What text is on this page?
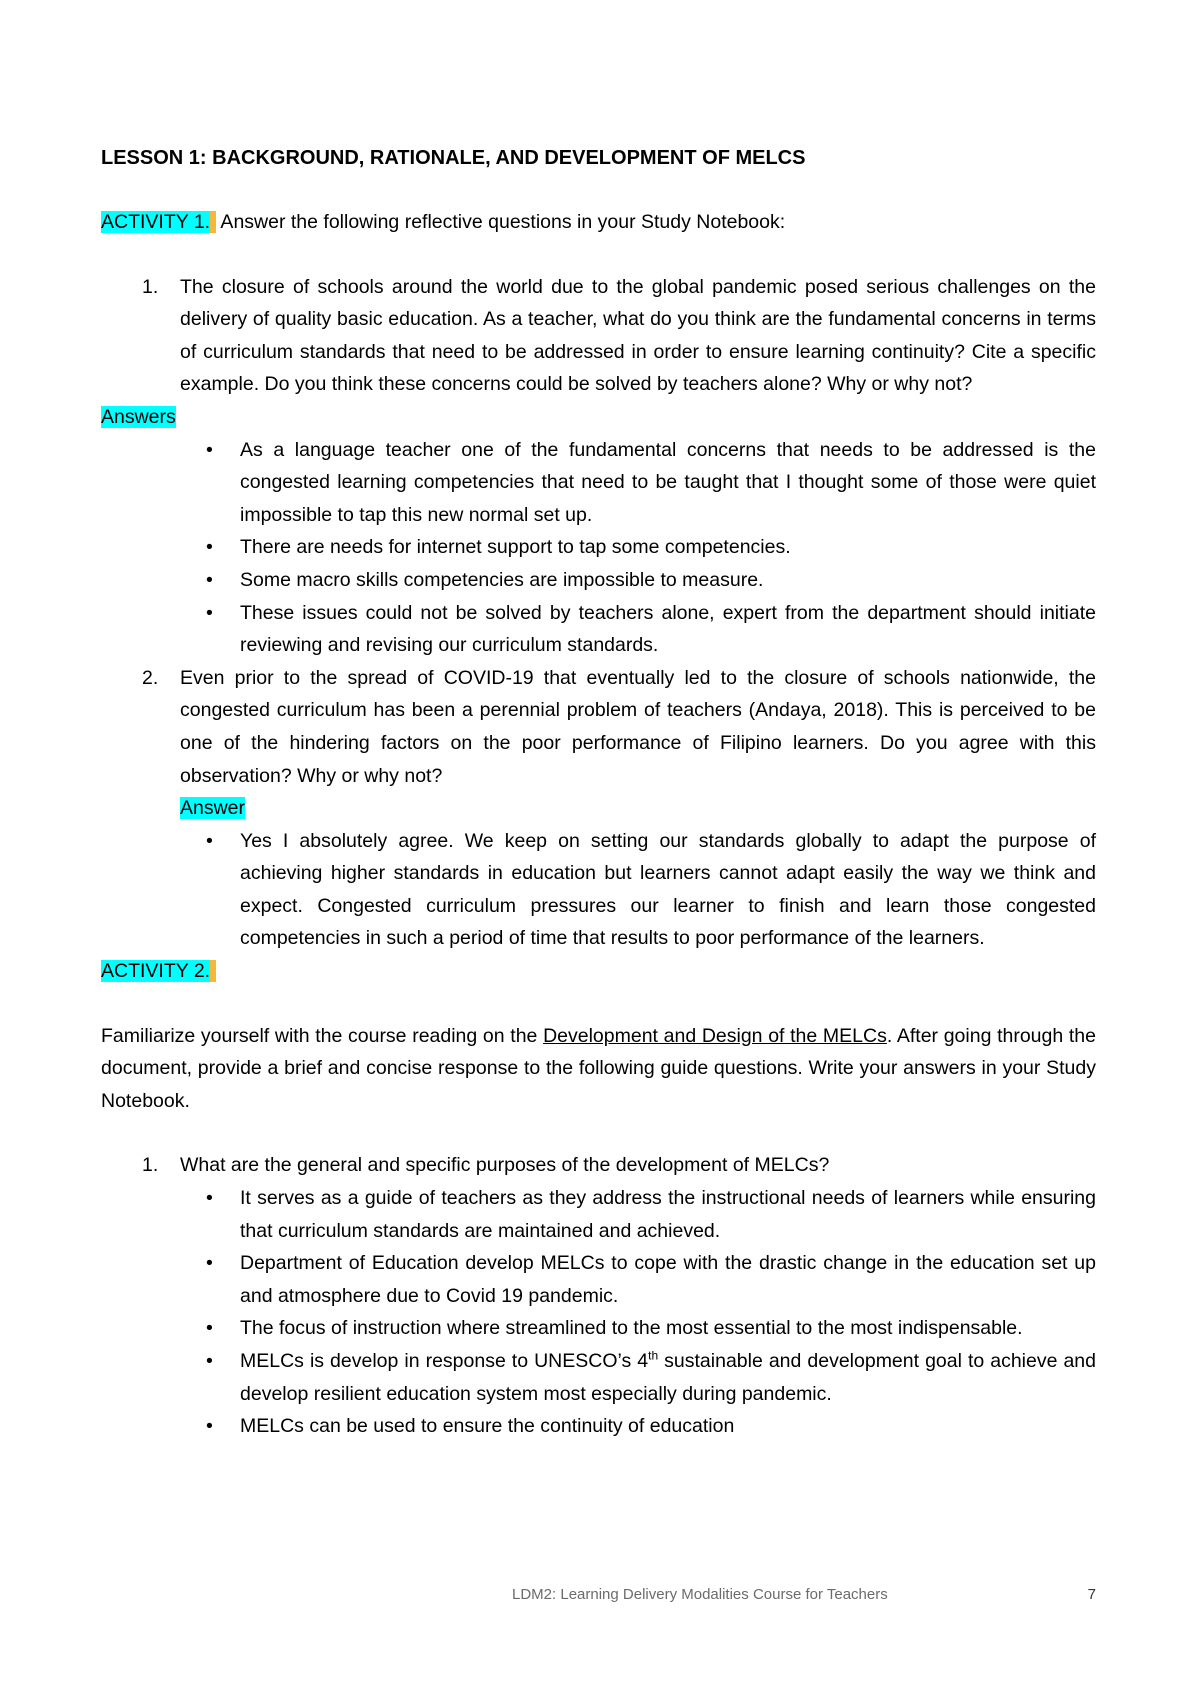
LESSON 1: BACKGROUND, RATIONALE, AND DEVELOPMENT OF MELCS

ACTIVITY 1. Answer the following reflective questions in your Study Notebook:

1. The closure of schools around the world due to the global pandemic posed serious challenges on the delivery of quality basic education. As a teacher, what do you think are the fundamental concerns in terms of curriculum standards that need to be addressed in order to ensure learning continuity? Cite a specific example. Do you think these concerns could be solved by teachers alone? Why or why not?
Answers
• As a language teacher one of the fundamental concerns that needs to be addressed is the congested learning competencies that need to be taught that I thought some of those were quiet impossible to tap this new normal set up.
• There are needs for internet support to tap some competencies.
• Some macro skills competencies are impossible to measure.
• These issues could not be solved by teachers alone, expert from the department should initiate reviewing and revising our curriculum standards.
2. Even prior to the spread of COVID-19 that eventually led to the closure of schools nationwide, the congested curriculum has been a perennial problem of teachers (Andaya, 2018). This is perceived to be one of the hindering factors on the poor performance of Filipino learners. Do you agree with this observation? Why or why not?
Answer
• Yes I absolutely agree. We keep on setting our standards globally to adapt the purpose of achieving higher standards in education but learners cannot adapt easily the way we think and expect. Congested curriculum pressures our learner to finish and learn those congested competencies in such a period of time that results to poor performance of the learners.
ACTIVITY 2.

Familiarize yourself with the course reading on the Development and Design of the MELCs. After going through the document, provide a brief and concise response to the following guide questions. Write your answers in your Study Notebook.

1. What are the general and specific purposes of the development of MELCs?
• It serves as a guide of teachers as they address the instructional needs of learners while ensuring that curriculum standards are maintained and achieved.
• Department of Education develop MELCs to cope with the drastic change in the education set up and atmosphere due to Covid 19 pandemic.
• The focus of instruction where streamlined to the most essential to the most indispensable.
• MELCs is develop in response to UNESCO’s 4th sustainable and development goal to achieve and develop resilient education system most especially during pandemic.
• MELCs can be used to ensure the continuity of education
LDM2: Learning Delivery Modalities Course for Teachers	7
